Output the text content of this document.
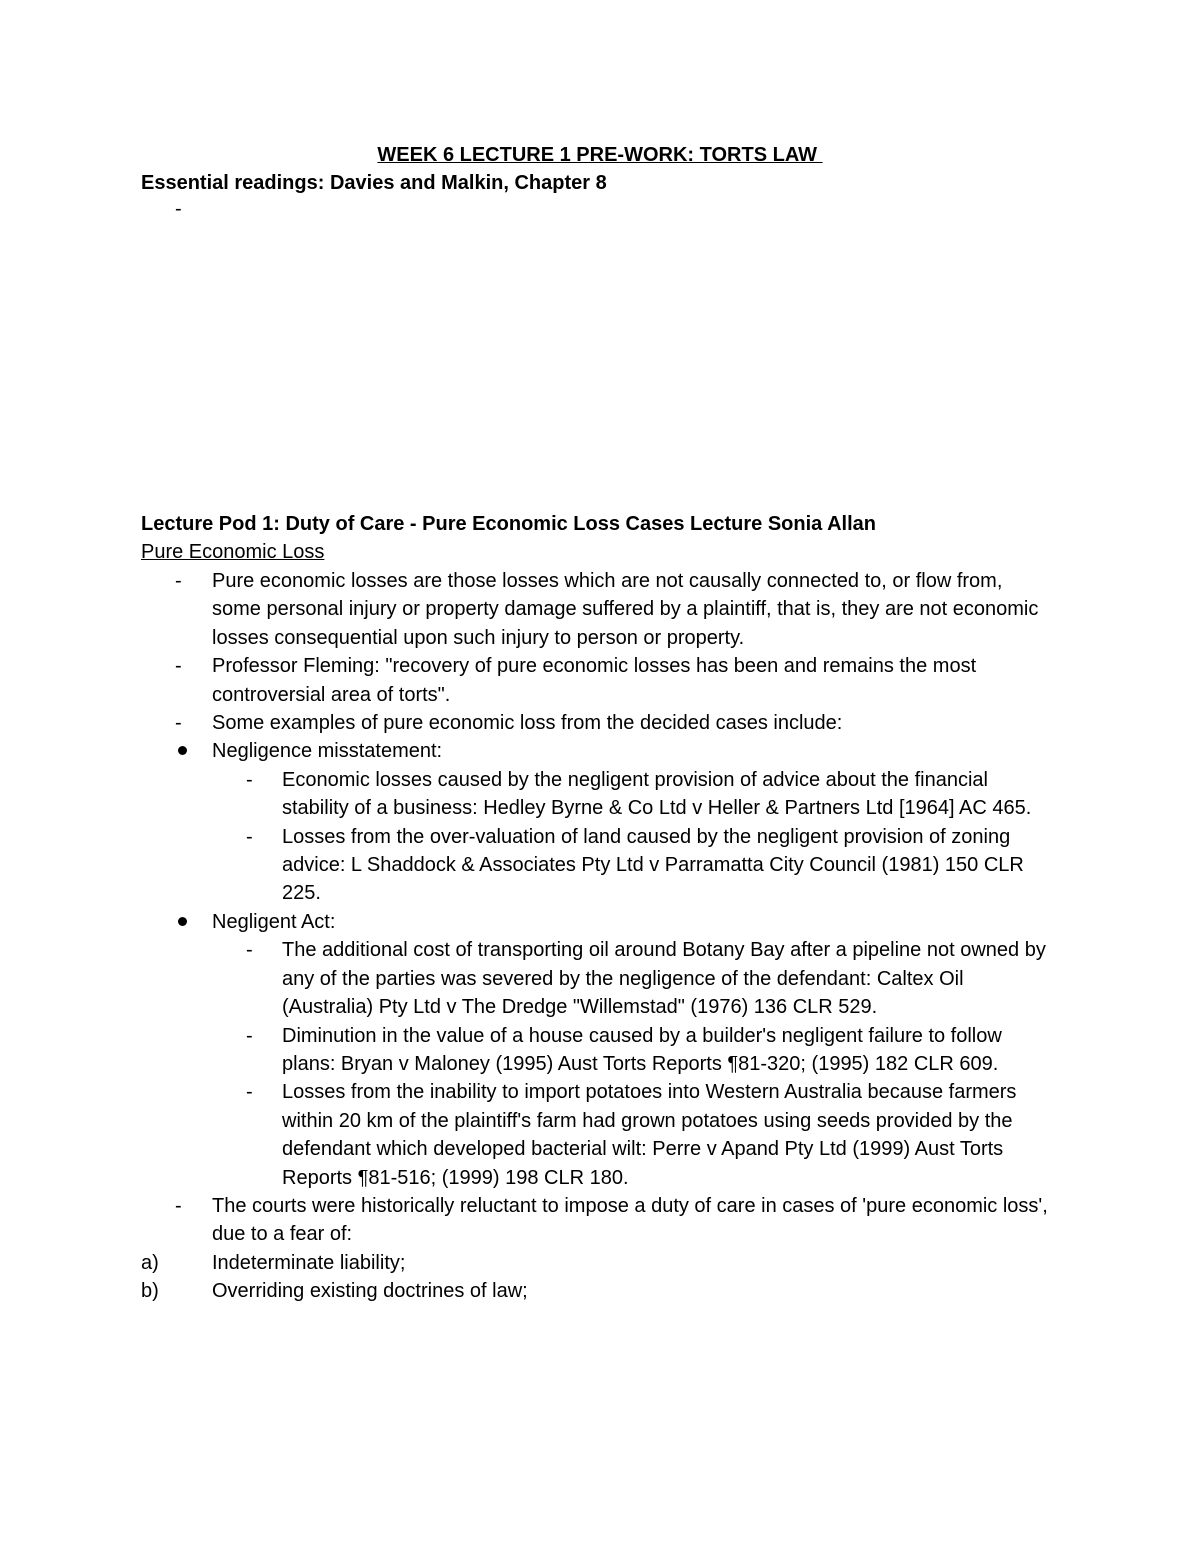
WEEK 6 LECTURE 1 PRE-WORK: TORTS LAW
Essential readings: Davies and Malkin, Chapter 8
-
Lecture Pod 1: Duty of Care - Pure Economic Loss Cases Lecture Sonia Allan
Pure Economic Loss
- Pure economic losses are those losses which are not causally connected to, or flow from, some personal injury or property damage suffered by a plaintiff, that is, they are not economic losses consequential upon such injury to person or property.
- Professor Fleming: "recovery of pure economic losses has been and remains the most controversial area of torts".
- Some examples of pure economic loss from the decided cases include:
Negligence misstatement:
- Economic losses caused by the negligent provision of advice about the financial stability of a business: Hedley Byrne & Co Ltd v Heller & Partners Ltd [1964] AC 465.
- Losses from the over-valuation of land caused by the negligent provision of zoning advice: L Shaddock & Associates Pty Ltd v Parramatta City Council (1981) 150 CLR 225.
Negligent Act:
- The additional cost of transporting oil around Botany Bay after a pipeline not owned by any of the parties was severed by the negligence of the defendant: Caltex Oil (Australia) Pty Ltd v The Dredge "Willemstad" (1976) 136 CLR 529.
- Diminution in the value of a house caused by a builder's negligent failure to follow plans: Bryan v Maloney (1995) Aust Torts Reports ¶81-320; (1995) 182 CLR 609.
- Losses from the inability to import potatoes into Western Australia because farmers within 20 km of the plaintiff's farm had grown potatoes using seeds provided by the defendant which developed bacterial wilt: Perre v Apand Pty Ltd (1999) Aust Torts Reports ¶81-516; (1999) 198 CLR 180.
- The courts were historically reluctant to impose a duty of care in cases of 'pure economic loss', due to a fear of:
a)	Indeterminate liability;
b)	Overriding existing doctrines of law;
